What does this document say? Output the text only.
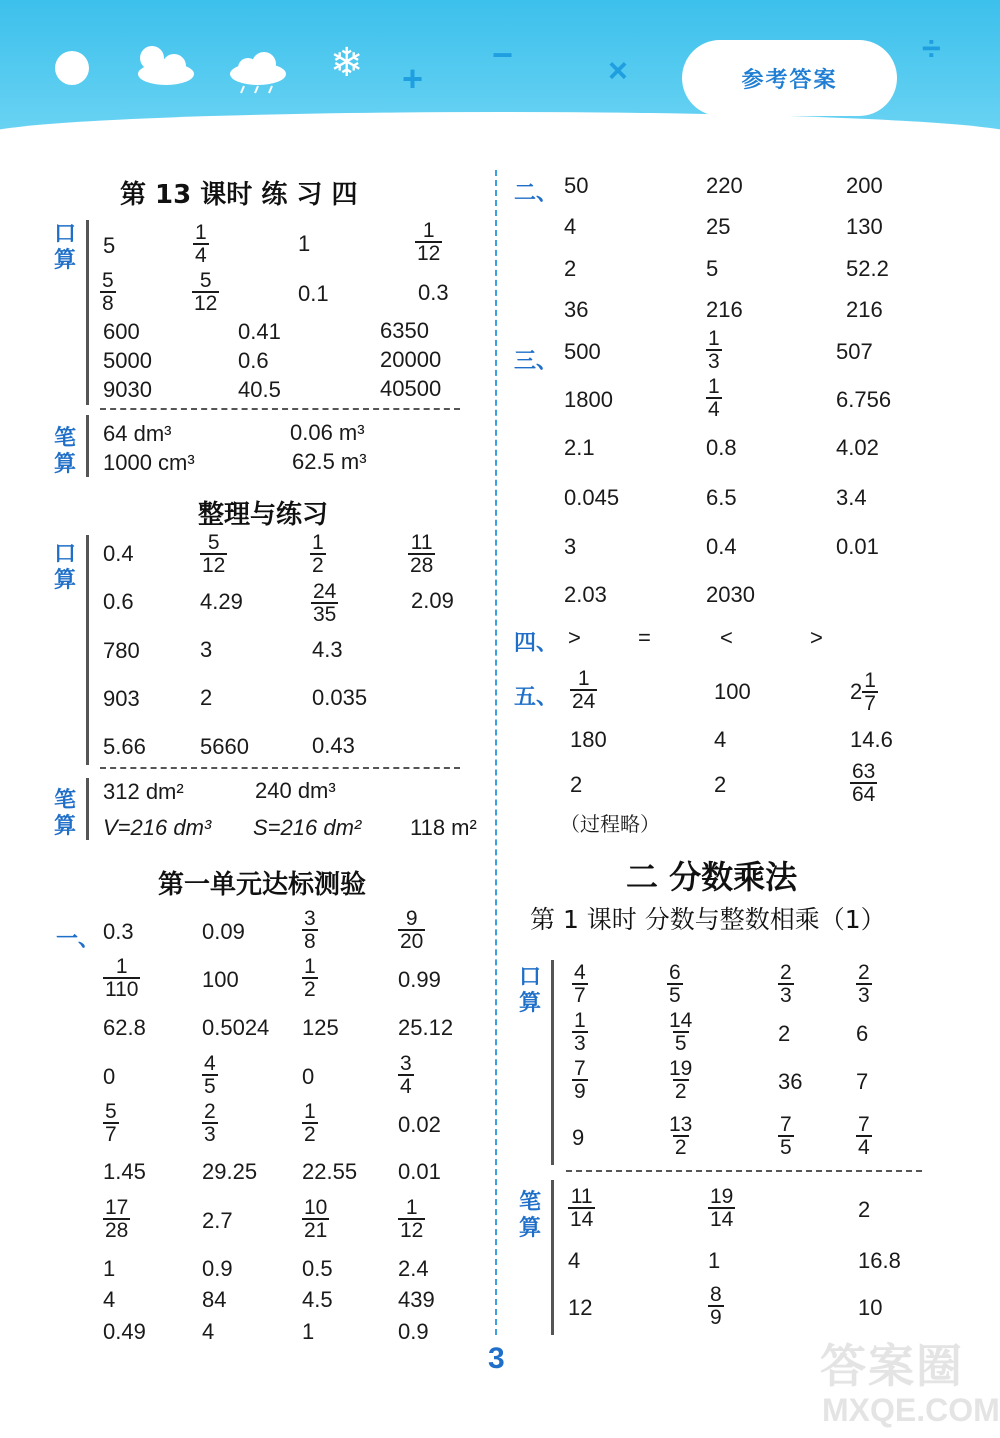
❄ +
−	×
÷
参考答案
第 13 课时 练 习 四
口算
5	$\frac{1}{4}$	1	$\frac{1}{12}$
$\frac{5}{8}$	$\frac{5}{12}$	0.1	0.3
600	0.41	6350
5000	0.6	20000
9030	40.5	40500
笔算
64 dm³	0.06 m³
1000 cm³	62.5 m³
整理与练习
口算
0.4	$\frac{5}{12}$	$\frac{1}{2}$	$\frac{11}{28}$
0.6	4.29	$\frac{24}{35}$	2.09
780	3	4.3
903	2	0.035
5.66 5660	0.43
笔算
312 dm²	240 dm³
V=216 dm³ S=216 dm² 118 m²
第一单元达标测验
一、 0.3	0.09	$\frac{3}{8}$	$\frac{9}{20}$
$\frac{1}{110}$	100	$\frac{1}{2}$	0.99
62.8	0.5024 125	25.12
0	$\frac{4}{5}$	0	$\frac{3}{4}$
$\frac{5}{7}$	$\frac{2}{3}$	$\frac{1}{2}$	0.02
1.45	29.25 22.55 0.01
$\frac{17}{28}$	2.7	$\frac{10}{21}$	$\frac{1}{12}$
1	0.9	0.5	2.4
4	84	4.5	439
0.49	4	1	0.9
二、 50	220	200
4	25	130
2	5	52.2
36	216	216
三、 500	$\frac{1}{3}$	507
1800	$\frac{1}{4}$	6.756
2.1	0.8	4.02
0.045	6.5	3.4
3	0.4	0.01
2.03	2030
四、 >	=	<	>
五、 $\frac{1}{24}$	100	$2 \frac{1}{7}$
180	4	14.6
2	2	$\frac{63}{64}$
（过程略）
二 分数乘法
第 1 课时 分数与整数相乘（1）
口算 $\frac{4}{7}$	$\frac{6}{5}$	$\frac{2}{3}$	$\frac{2}{3}$
$\frac{1}{3}$	$\frac{14}{5}$	2	6
$\frac{7}{9}$	$\frac{19}{2}$	36 7
9	$\frac{13}{2}$	$\frac{7}{5}$	$\frac{7}{4}$
笔算 $\frac{11}{14}$	$\frac{19}{14}$	2
4	1	16.8
12	$\frac{8}{9}$	10
3	答案圈
MXQE.COM
